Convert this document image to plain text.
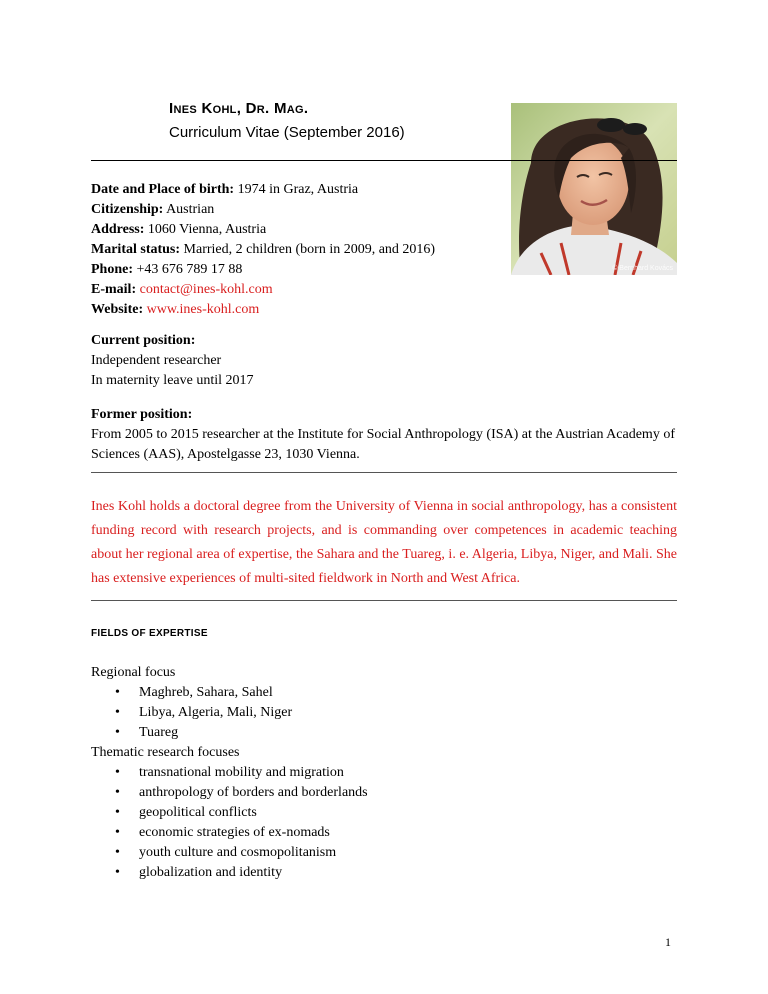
Ines Kohl, Dr. Mag.
Curriculum Vitae (September 2016)
© Bernhard Kovács
Date and Place of birth: 1974 in Graz, Austria
Citizenship: Austrian
Address: 1060 Vienna, Austria
Marital status: Married, 2 children (born in 2009, and 2016)
Phone: +43 676 789 17 88
E-mail: contact@ines-kohl.com
Website: www.ines-kohl.com
Current position:
Independent researcher
In maternity leave until 2017
Former position:
From 2005 to 2015 researcher at the Institute for Social Anthropology (ISA) at the Austrian Academy of Sciences (AAS), Apostelgasse 23, 1030 Vienna.
Ines Kohl holds a doctoral degree from the University of Vienna in social anthropology, has a consistent funding record with research projects, and is commanding over competences in academic teaching about her regional area of expertise, the Sahara and the Tuareg, i. e. Algeria, Libya, Niger, and Mali. She has extensive experiences of multi-sited fieldwork in North and West Africa.
FIELDS OF EXPERTISE
Regional focus
• Maghreb, Sahara, Sahel
• Libya, Algeria, Mali, Niger
• Tuareg
Thematic research focuses
• transnational mobility and migration
• anthropology of borders and borderlands
• geopolitical conflicts
• economic strategies of ex-nomads
• youth culture and cosmopolitanism
• globalization and identity
1
